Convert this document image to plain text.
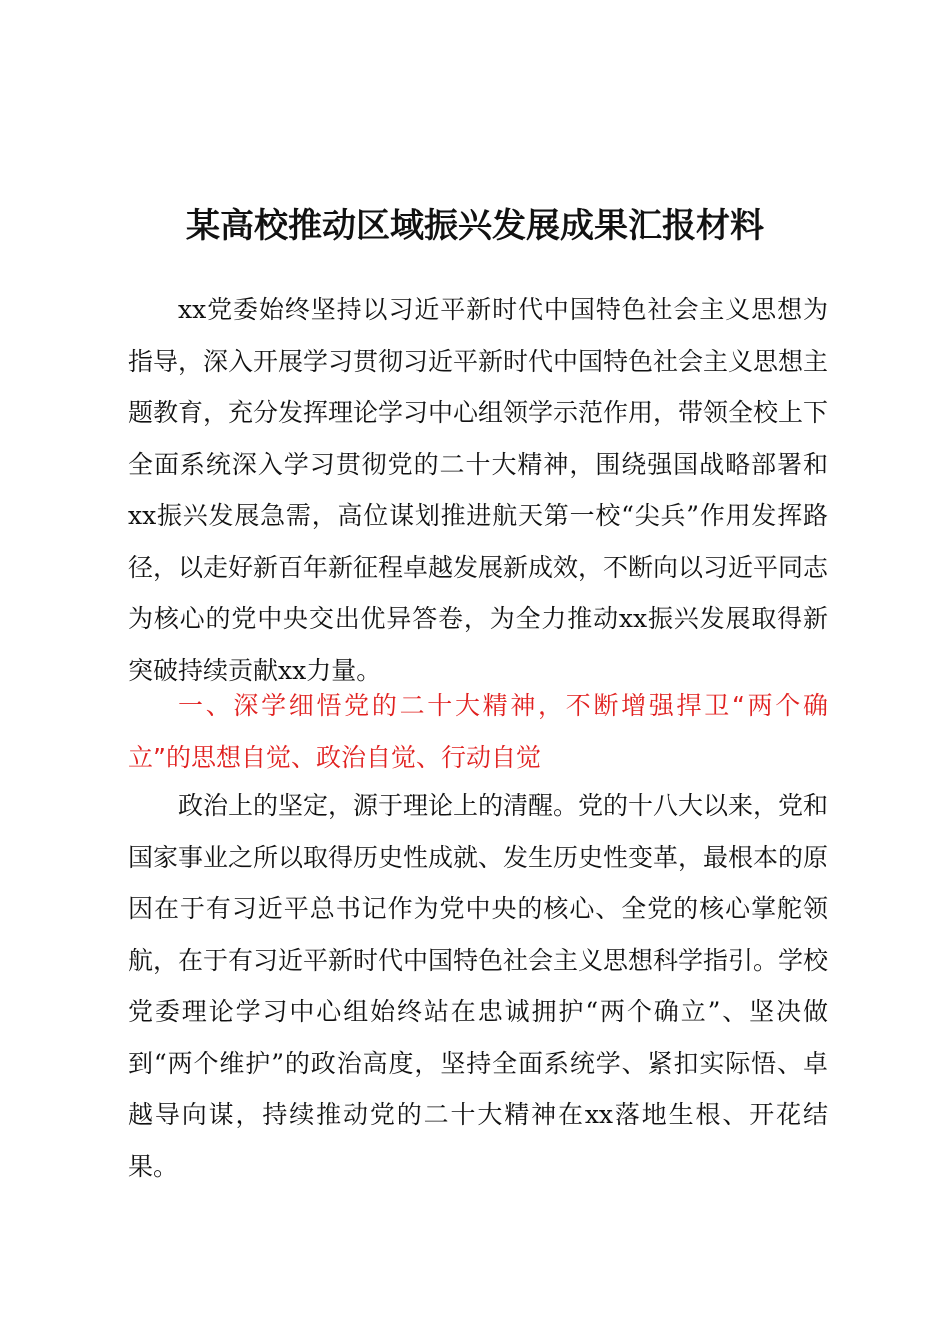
某高校推动区域振兴发展成果汇报材料

xx党委始终坚持以习近平新时代中国特色社会主义思想为指导，深入开展学习贯彻习近平新时代中国特色社会主义思想主题教育，充分发挥理论学习中心组领学示范作用，带领全校上下全面系统深入学习贯彻党的二十大精神，围绕强国战略部署和xx振兴发展急需，高位谋划推进航天第一校“尖兵”作用发挥路径，以走好新百年新征程卓越发展新成效，不断向以习近平同志为核心的党中央交出优异答卷，为全力推动xx振兴发展取得新突破持续贡献xx力量。

一、深学细悟党的二十大精神，不断增强捍卫“两个确立”的思想自觉、政治自觉、行动自觉

政治上的坚定，源于理论上的清醒。党的十八大以来，党和国家事业之所以取得历史性成就、发生历史性变革，最根本的原因在于有习近平总书记作为党中央的核心、全党的核心掌舵领航，在于有习近平新时代中国特色社会主义思想科学指引。学校党委理论学习中心组始终站在忠诚拥护“两个确立”、坚决做到“两个维护”的政治高度，坚持全面系统学、紧扣实际悟、卓越导向谋，持续推动党的二十大精神在xx落地生根、开花结果。
